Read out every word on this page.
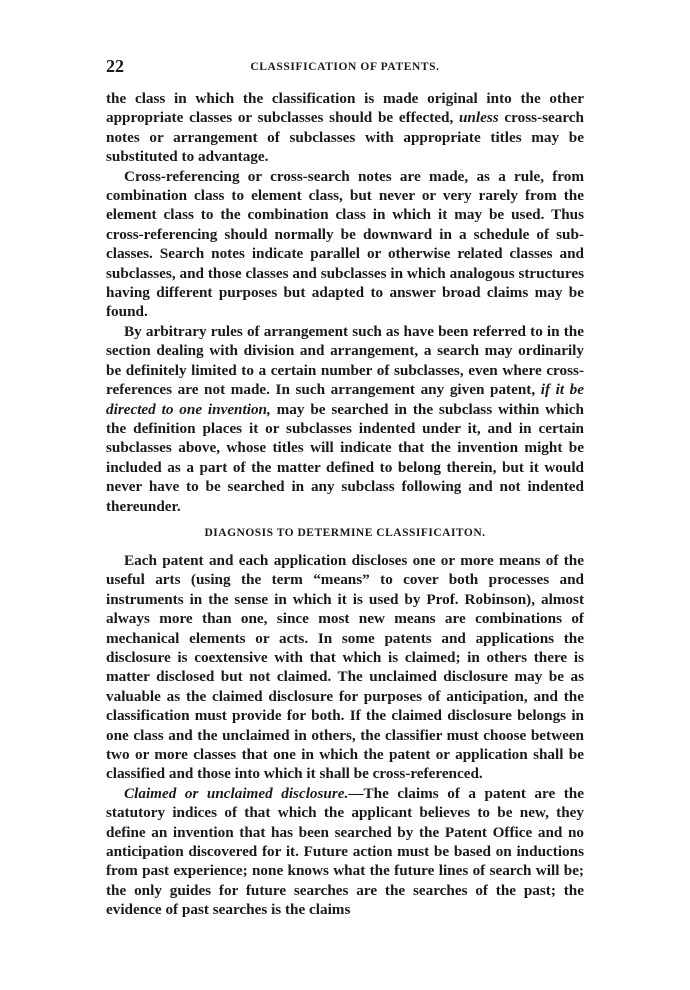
22	CLASSIFICATION OF PATENTS.

the class in which the classification is made original into the other appropriate classes or subclasses should be effected, unless cross-search notes or arrangement of subclasses with appropriate titles may be substituted to advantage.

Cross-referencing or cross-search notes are made, as a rule, from combination class to element class, but never or very rarely from the element class to the combination class in which it may be used. Thus cross-referencing should normally be downward in a schedule of sub-classes. Search notes indicate parallel or otherwise related classes and subclasses, and those classes and subclasses in which analogous structures having different purposes but adapted to answer broad claims may be found.

By arbitrary rules of arrangement such as have been referred to in the section dealing with division and arrangement, a search may ordinarily be definitely limited to a certain number of subclasses, even where cross-references are not made. In such arrangement any given patent, if it be directed to one invention, may be searched in the subclass within which the definition places it or subclasses indented under it, and in certain subclasses above, whose titles will indicate that the invention might be included as a part of the matter defined to belong therein, but it would never have to be searched in any subclass following and not indented thereunder.

DIAGNOSIS TO DETERMINE CLASSIFICAITON.

Each patent and each application discloses one or more means of the useful arts (using the term “means” to cover both processes and instruments in the sense in which it is used by Prof. Robinson), almost always more than one, since most new means are combinations of mechanical elements or acts. In some patents and applications the disclosure is coextensive with that which is claimed; in others there is matter disclosed but not claimed. The unclaimed disclosure may be as valuable as the claimed disclosure for purposes of anticipation, and the classification must provide for both. If the claimed disclosure belongs in one class and the unclaimed in others, the classifier must choose between two or more classes that one in which the patent or application shall be classified and those into which it shall be cross-referenced.

Claimed or unclaimed disclosure.—The claims of a patent are the statutory indices of that which the applicant believes to be new, they define an invention that has been searched by the Patent Office and no anticipation discovered for it. Future action must be based on inductions from past experience; none knows what the future lines of search will be; the only guides for future searches are the searches of the past; the evidence of past searches is the claims
